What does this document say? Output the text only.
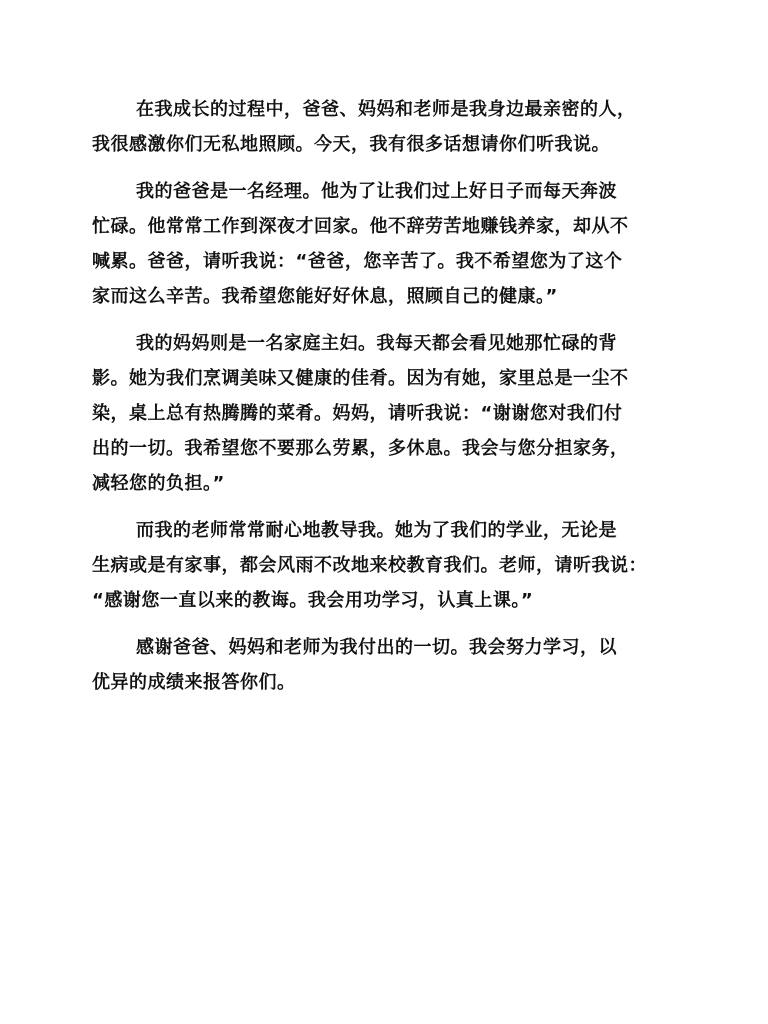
在我成长的过程中，爸爸、妈妈和老师是我身边最亲密的人，
我很感激你们无私地照顾。今天，我有很多话想请你们听我说。

我的爸爸是一名经理。他为了让我们过上好日子而每天奔波
忙碌。他常常工作到深夜才回家。他不辞劳苦地赚钱养家，却从不
喊累。爸爸，请听我说：“爸爸，您辛苦了。我不希望您为了这个
家而这么辛苦。我希望您能好好休息，照顾自己的健康。”

我的妈妈则是一名家庭主妇。我每天都会看见她那忙碌的背
影。她为我们烹调美味又健康的佳肴。因为有她，家里总是一尘不
染，桌上总有热腾腾的菜肴。妈妈，请听我说：“谢谢您对我们付
出的一切。我希望您不要那么劳累，多休息。我会与您分担家务，
减轻您的负担。”

而我的老师常常耐心地教导我。她为了我们的学业，无论是
生病或是有家事，都会风雨不改地来校教育我们。老师，请听我说：
“感谢您一直以来的教诲。我会用功学习，认真上课。”

感谢爸爸、妈妈和老师为我付出的一切。我会努力学习，以
优异的成绩来报答你们。
